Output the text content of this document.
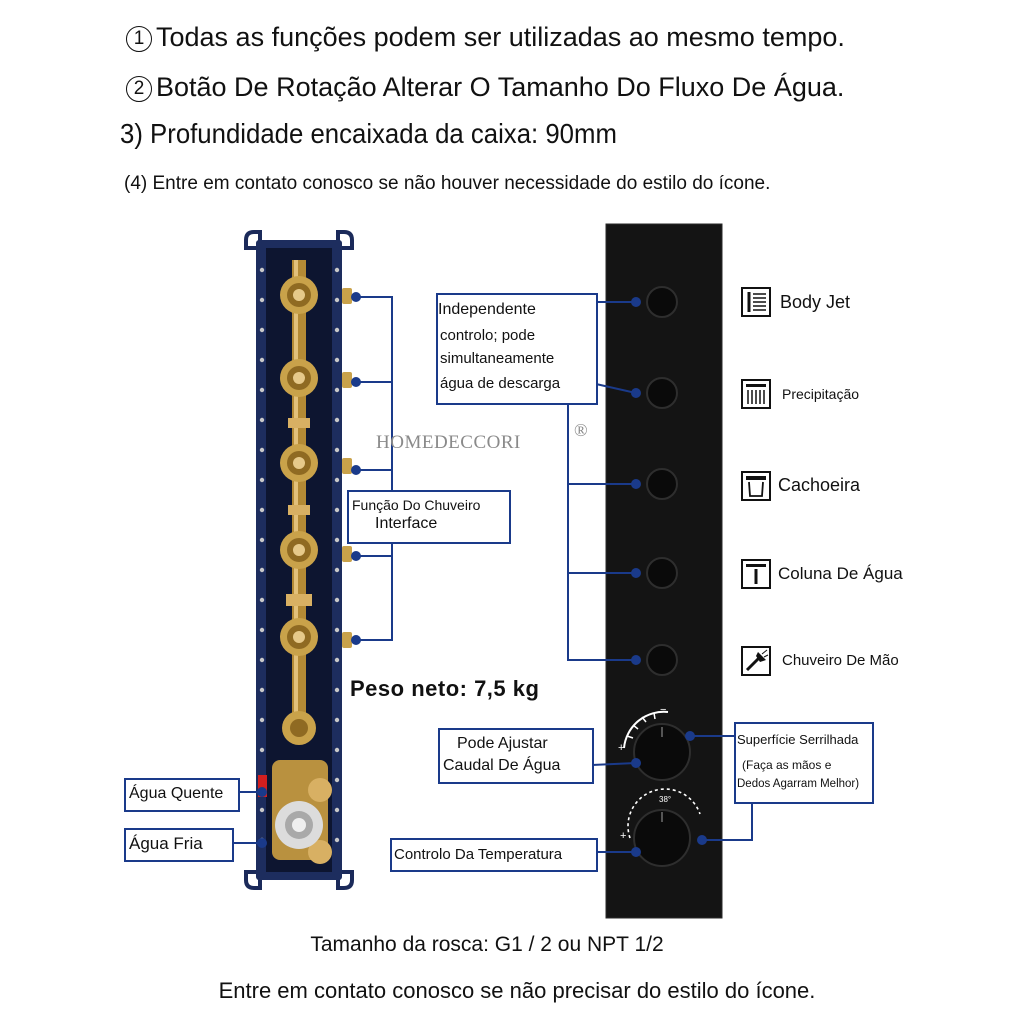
1 Todas as funções podem ser utilizadas ao mesmo tempo.
2 Botão De Rotação Alterar O Tamanho Do Fluxo De Água.
3) Profundidade encaixada da caixa: 90mm
(4) Entre em contato conosco se não houver necessidade do estilo do ícone.
HOMEDECCORI
®
Água Quente
Água Fria
Função Do Chuveiro
Interface
Peso neto: 7,5 kg
Independente
controlo; pode
simultaneamente
água de descarga
Pode Ajustar
Caudal De Água
Controlo Da Temperatura
Superfície Serrilhada
(Faça as mãos e
Dedos Agarram Melhor)
Body Jet
Precipitação
Cachoeira
Coluna De Água
Chuveiro De Mão
38°
+
+
−
Tamanho da rosca: G1 / 2 ou NPT 1/2
Entre em contato conosco se não precisar do estilo do ícone.
